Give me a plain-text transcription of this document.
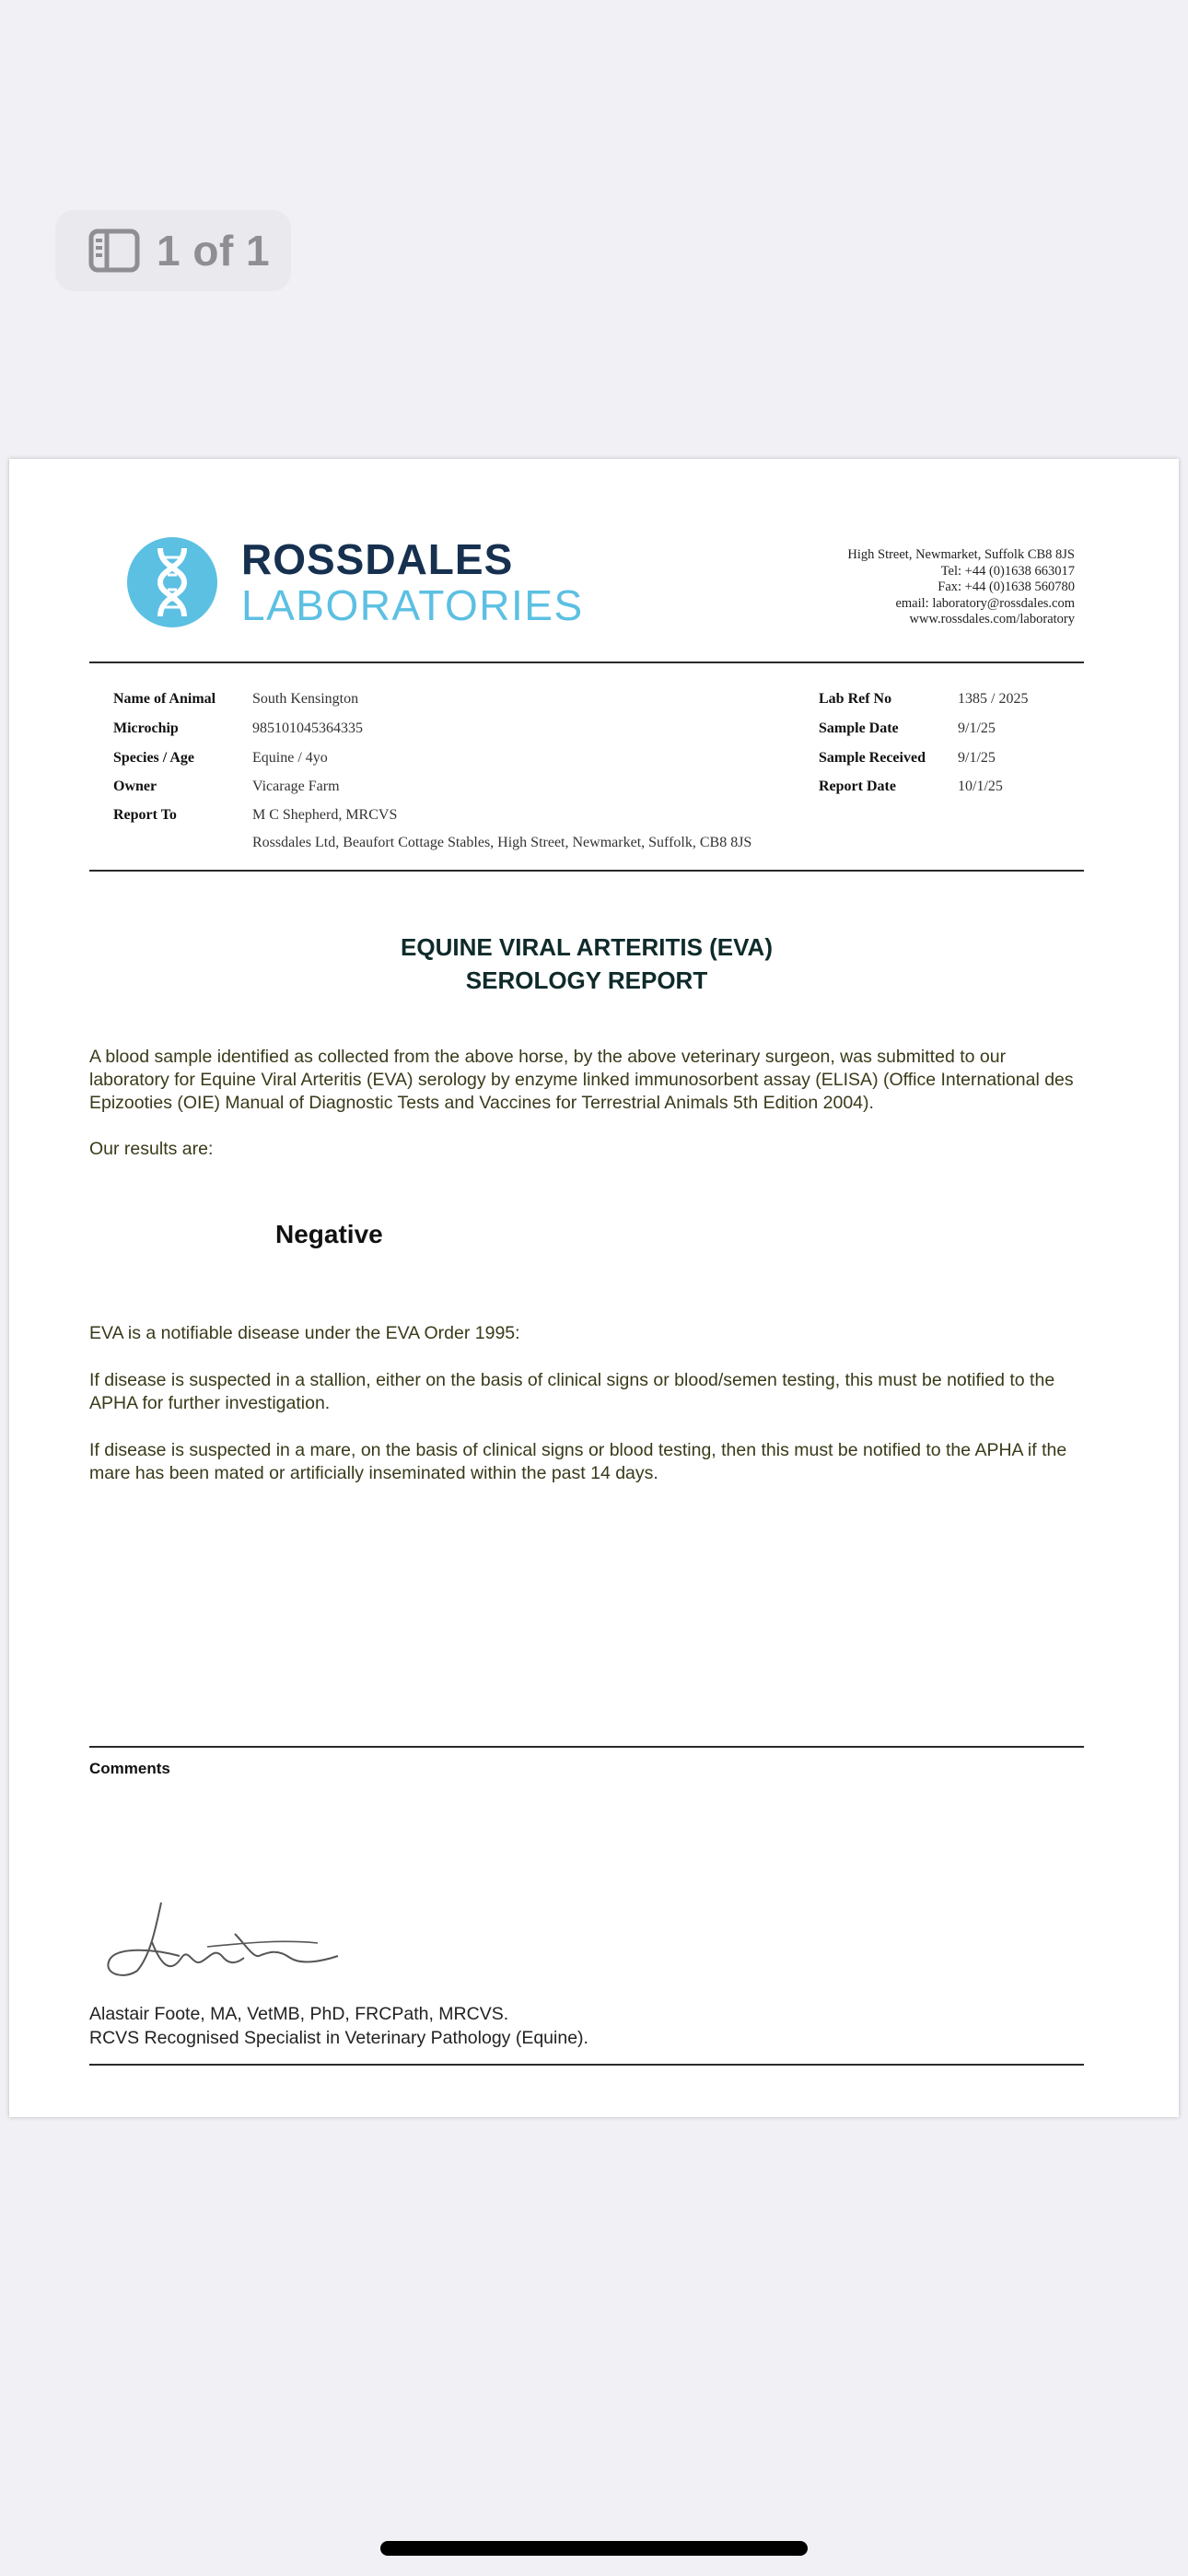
1 of 1
ROSSDALES
LABORATORIES
High Street, Newmarket, Suffolk CB8 8JS
Tel: +44 (0)1638 663017
Fax: +44 (0)1638 560780
email: laboratory@rossdales.com
www.rossdales.com/laboratory
Name of Animal South Kensington
Microchip	985101045364335
Species / Age	Equine / 4yo
Owner	Vicarage Farm
Report To	M C Shepherd, MRCVS
Rossdales Ltd, Beaufort Cottage Stables, High Street, Newmarket, Suffolk, CB8 8JS
Lab Ref No	1385 / 2025
Sample Date	9/1/25
Sample Received 9/1/25
Report Date	10/1/25
EQUINE VIRAL ARTERITIS (EVA)
SEROLOGY REPORT
A blood sample identified as collected from the above horse, by the above veterinary surgeon, was submitted to our laboratory for Equine Viral Arteritis (EVA) serology by enzyme linked immunosorbent assay (ELISA) (Office International des Epizooties (OIE) Manual of Diagnostic Tests and Vaccines for Terrestrial Animals 5th Edition 2004).
Our results are:
Negative
EVA is a notifiable disease under the EVA Order 1995:
If disease is suspected in a stallion, either on the basis of clinical signs or blood/semen testing, this must be notified to the APHA for further investigation.
If disease is suspected in a mare, on the basis of clinical signs or blood testing, then this must be notified to the APHA if the mare has been mated or artificially inseminated within the past 14 days.
Comments
Alastair Foote, MA, VetMB, PhD, FRCPath, MRCVS.
RCVS Recognised Specialist in Veterinary Pathology (Equine).
